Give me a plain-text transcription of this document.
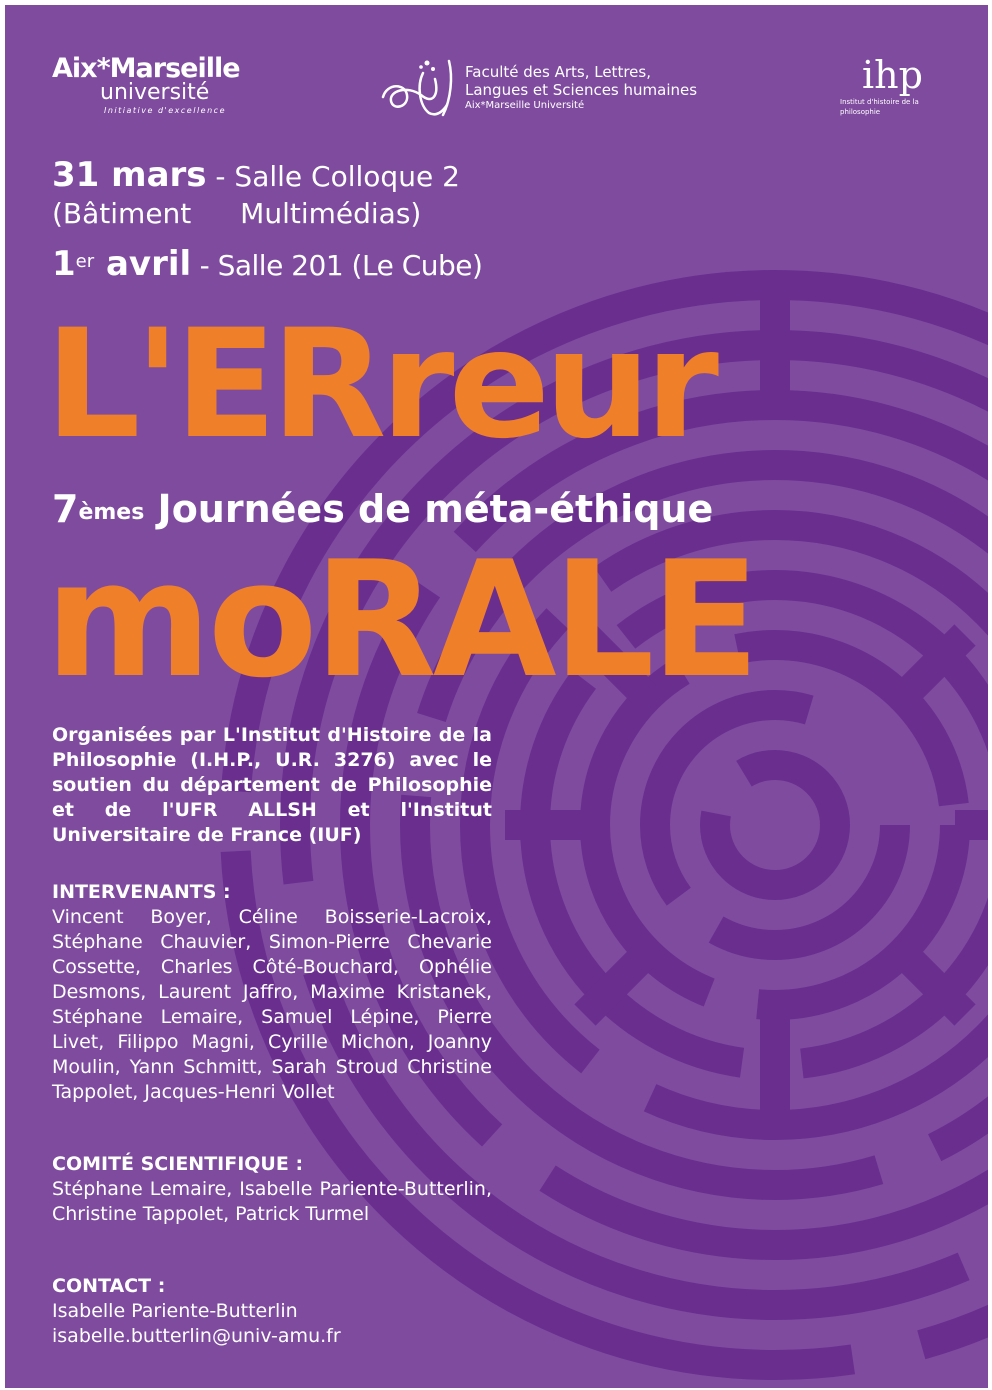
Aix*Marseille
université
Initiative d'excellence
Faculté des Arts, Lettres,
Langues et Sciences humaines
Aix*Marseille Université
ihp
Institut d'histoire de la philosophie
31 mars - Salle Colloque 2
(Bâtiment Multimédias)
1er avril - Salle 201 (Le Cube)
L'ERreur
7èmes Journées de méta-éthique
moRALE
Organisées par L'Institut d'Histoire de la Philosophie (I.H.P., U.R. 3276) avec le soutien du département de Philosophie et de l'UFR ALLSH et l'Institut Universitaire de France (IUF)
INTERVENANTS :
Vincent Boyer, Céline Boisserie-Lacroix, Stéphane Chauvier, Simon-Pierre Chevarie Cossette, Charles Côté-Bouchard, Ophélie Desmons, Laurent Jaffro, Maxime Kristanek, Stéphane Lemaire, Samuel Lépine, Pierre Livet, Filippo Magni, Cyrille Michon, Joanny Moulin, Yann Schmitt, Sarah Stroud Christine Tappolet, Jacques-Henri Vollet
COMITÉ SCIENTIFIQUE :
Stéphane Lemaire, Isabelle Pariente-Butterlin, Christine Tappolet, Patrick Turmel
CONTACT :
Isabelle Pariente-Butterlin
isabelle.butterlin@univ-amu.fr
